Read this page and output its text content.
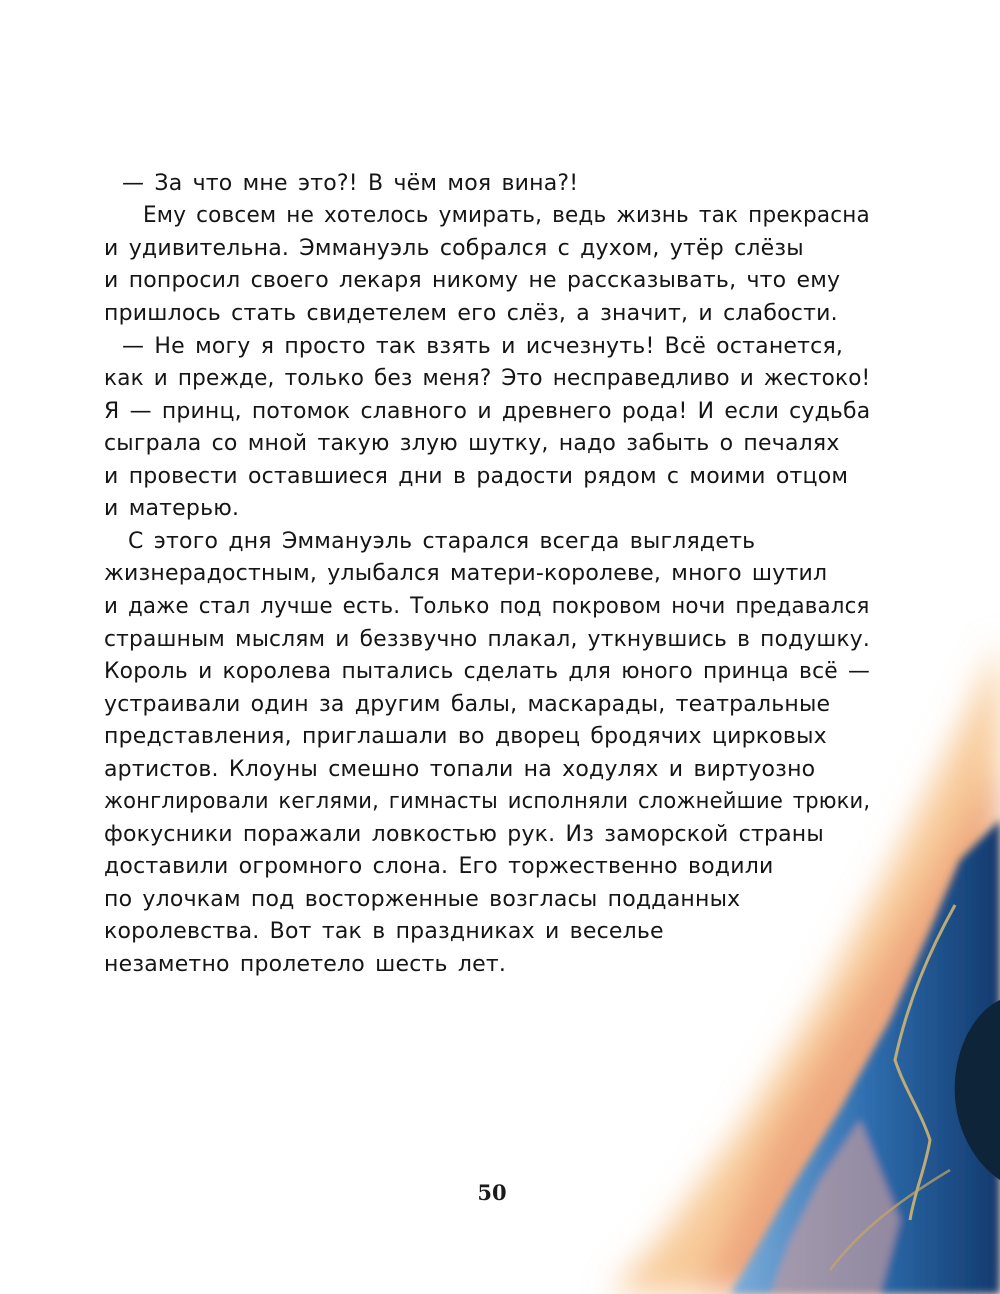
— За что мне это?! В чём моя вина?!
Ему совсем не хотелось умирать, ведь жизнь так прекрасна
и удивительна. Эммануэль собрался с духом, утёр слёзы
и попросил своего лекаря никому не рассказывать, что ему
пришлось стать свидетелем его слёз, а значит, и слабости.
— Не могу я просто так взять и исчезнуть! Всё останется,
как и прежде, только без меня? Это несправедливо и жестоко!
Я — принц, потомок славного и древнего рода! И если судьба
сыграла со мной такую злую шутку, надо забыть о печалях
и провести оставшиеся дни в радости рядом с моими отцом
и матерью.
С этого дня Эммануэль старался всегда выглядеть
жизнерадостным, улыбался матери-королеве, много шутил
и даже стал лучше есть. Только под покровом ночи предавался
страшным мыслям и беззвучно плакал, уткнувшись в подушку.
Король и королева пытались сделать для юного принца всё —
устраивали один за другим балы, маскарады, театральные
представления, приглашали во дворец бродячих цирковых
артистов. Клоуны смешно топали на ходулях и виртуозно
жонглировали кеглями, гимнасты исполняли сложнейшие трюки,
фокусники поражали ловкостью рук. Из заморской страны
доставили огромного слона. Его торжественно водили
по улочкам под восторженные возгласы подданных
королевства. Вот так в праздниках и веселье
незаметно пролетело шесть лет.
50
